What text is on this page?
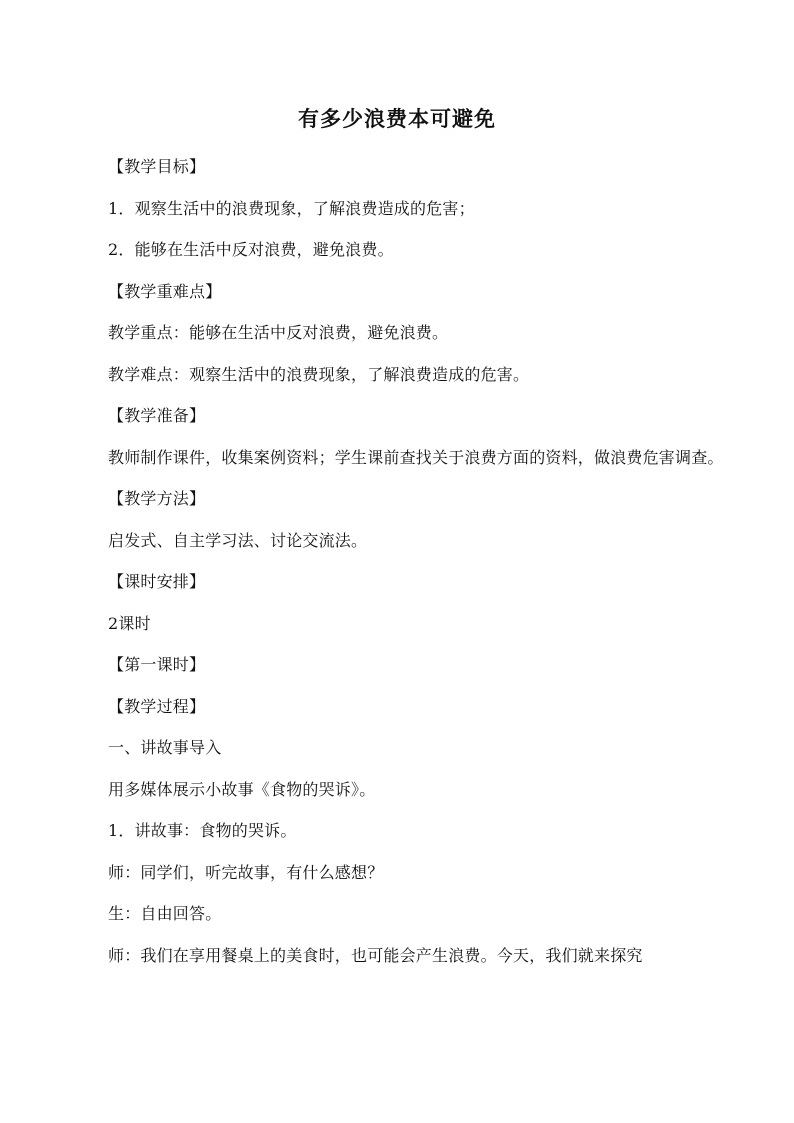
有多少浪费本可避免
【教学目标】
1．观察生活中的浪费现象，了解浪费造成的危害；
2．能够在生活中反对浪费，避免浪费。
【教学重难点】
教学重点：能够在生活中反对浪费，避免浪费。
教学难点：观察生活中的浪费现象，了解浪费造成的危害。
【教学准备】
教师制作课件，收集案例资料；学生课前查找关于浪费方面的资料，做浪费危害调查。
【教学方法】
启发式、自主学习法、讨论交流法。
【课时安排】
2课时
【第一课时】
【教学过程】
一、讲故事导入
用多媒体展示小故事《食物的哭诉》。
1．讲故事：食物的哭诉。
师：同学们，听完故事，有什么感想？
生：自由回答。
师：我们在享用餐桌上的美食时，也可能会产生浪费。今天，我们就来探究
